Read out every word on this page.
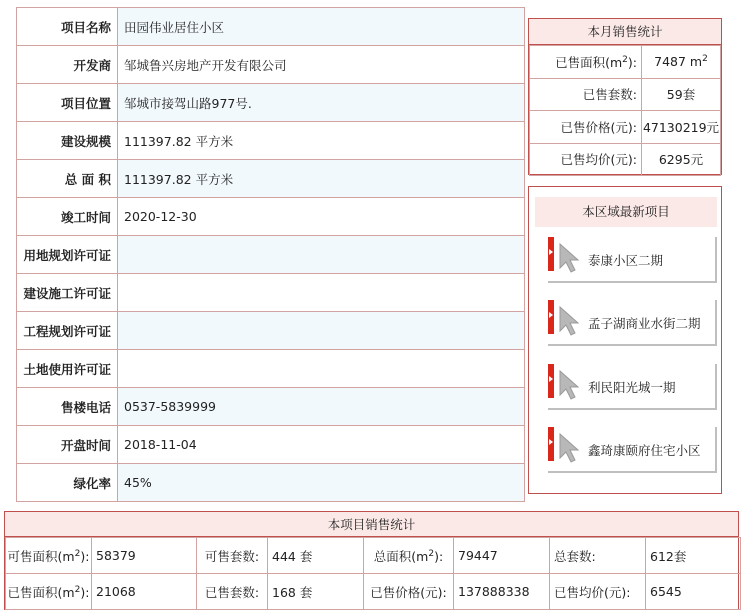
项目名称	田园伟业居住小区
开发商	邹城鲁兴房地产开发有限公司
项目位置	邹城市接驾山路977号.
建设规模	111397.82 平方米
总 面 积	111397.82 平方米
竣工时间	2020-12-30
用地规划许可证	
建设施工许可证	
工程规划许可证	
土地使用许可证	
售楼电话	0537-5839999
开盘时间	2018-11-04
绿化率	45%
本月销售统计
已售面积$(m^2)$:	7487 $m^2$
已售套数:	59套
已售价格(元):	47130219元
已售均价(元):	6295元
本区域最新项目
泰康小区二期
孟子湖商业水街二期
利民阳光城一期
鑫琦康颐府住宅小区
本项目销售统计
可售面积$(m^2)$:	58379	可售套数:	444 套	总面积$(m^2)$:	79447	总套数:	612套
已售面积$(m^2)$:	21068	已售套数:	168 套	已售价格(元):	137888338	已售均价(元):	6545
